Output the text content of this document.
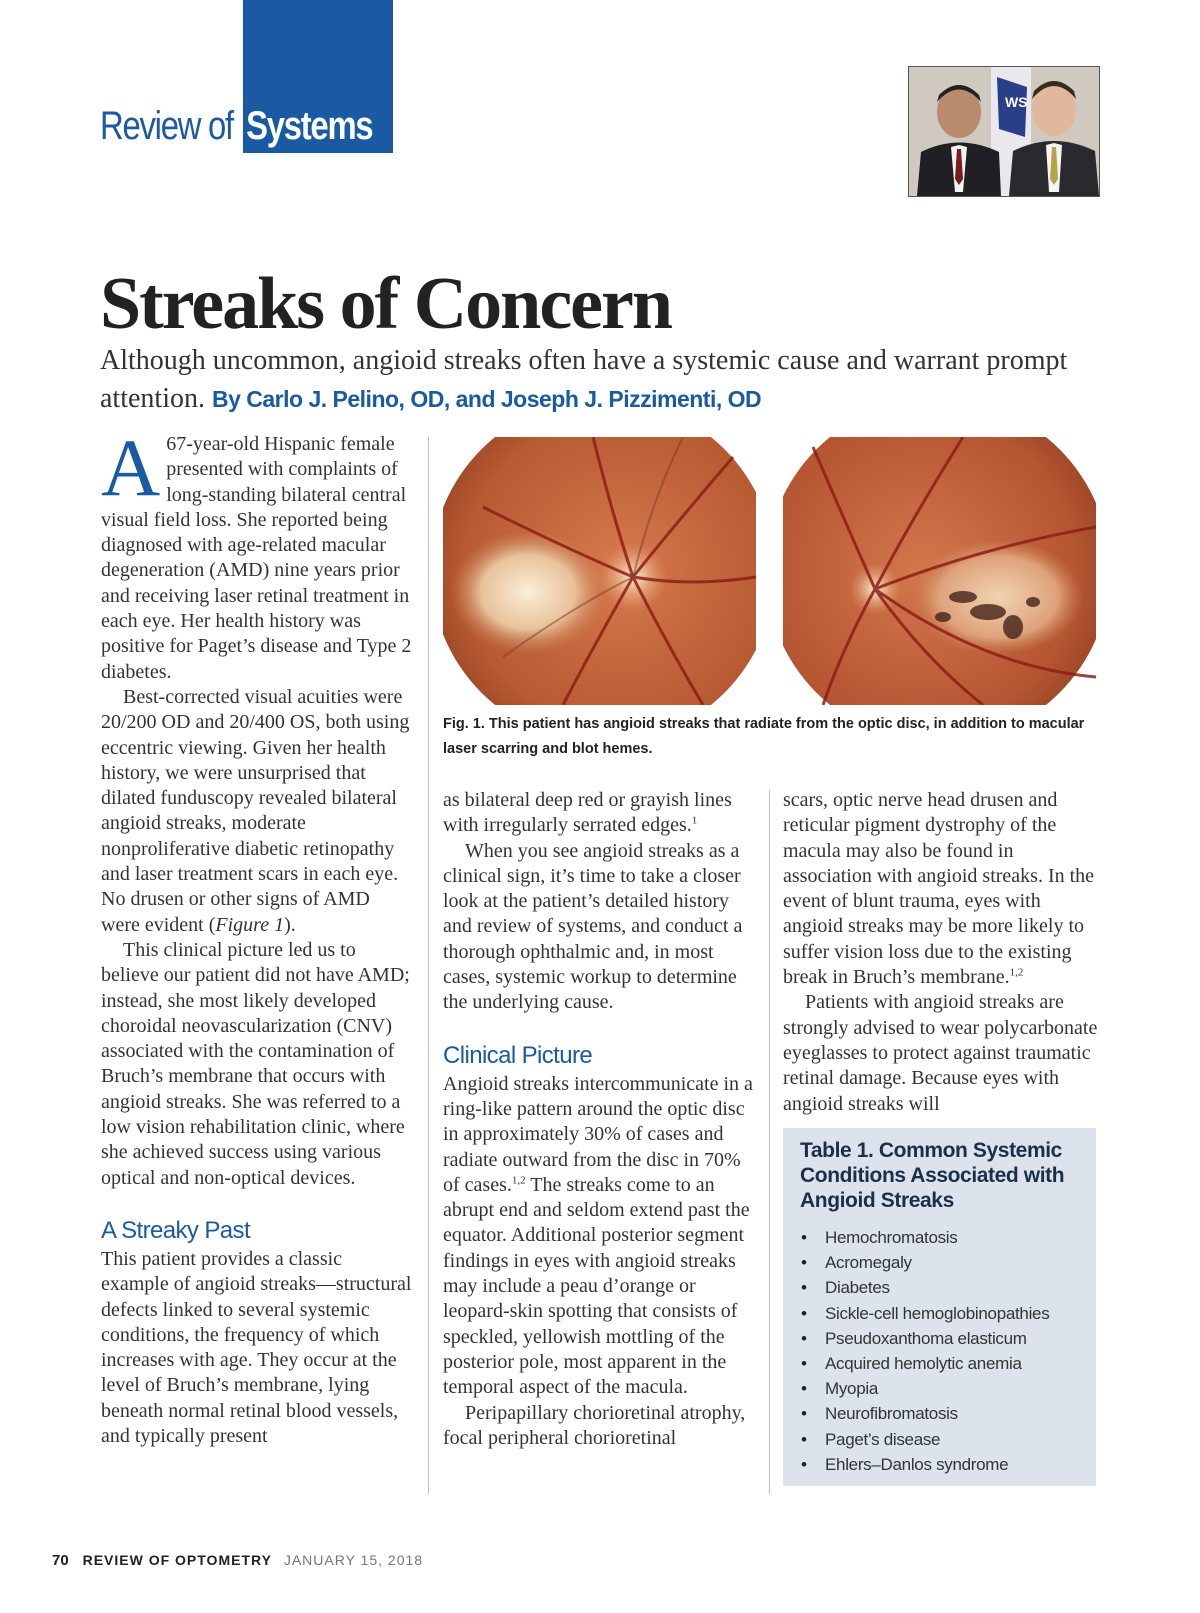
Review of Systems
WS
Streaks of Concern
Although uncommon, angioid streaks often have a systemic cause and warrant prompt attention. By Carlo J. Pelino, OD, and Joseph J. Pizzimenti, OD

A 67-year-old Hispanic female presented with complaints of long-standing bilateral central visual field loss. She reported being diagnosed with age-related macular degeneration (AMD) nine years prior and receiving laser retinal treatment in each eye. Her health history was positive for Paget’s disease and Type 2 diabetes.

Best-corrected visual acuities were 20/200 OD and 20/400 OS, both using eccentric viewing. Given her health history, we were unsurprised that dilated funduscopy revealed bilateral angioid streaks, moderate nonproliferative diabetic retinopathy and laser treatment scars in each eye. No drusen or other signs of AMD were evident (Figure 1).

This clinical picture led us to believe our patient did not have AMD; instead, she most likely developed choroidal neovascularization (CNV) associated with the contamination of Bruch’s membrane that occurs with angioid streaks. She was referred to a low vision rehabilitation clinic, where she achieved success using various optical and non-optical devices.

A Streaky Past

This patient provides a classic example of angioid streaks—structural defects linked to several systemic conditions, the frequency of which increases with age. They occur at the level of Bruch’s membrane, lying beneath normal retinal blood vessels, and typically present

Fig. 1. This patient has angioid streaks that radiate from the optic disc, in addition to macular laser scarring and blot hemes.

as bilateral deep red or grayish lines with irregularly serrated edges.$^1$

When you see angioid streaks as a clinical sign, it’s time to take a closer look at the patient’s detailed history and review of systems, and conduct a thorough ophthalmic and, in most cases, systemic workup to determine the underlying cause.

Clinical Picture

Angioid streaks intercommunicate in a ring-like pattern around the optic disc in approximately 30% of cases and radiate outward from the disc in 70% of cases.$^{1,2}$ The streaks come to an abrupt end and seldom extend past the equator. Additional posterior segment findings in eyes with angioid streaks may include a peau d’orange or leopard-skin spotting that consists of speckled, yellowish mottling of the posterior pole, most apparent in the temporal aspect of the macula.

Peripapillary chorioretinal atrophy, focal peripheral chorioretinal

scars, optic nerve head drusen and reticular pigment dystrophy of the macula may also be found in association with angioid streaks. In the event of blunt trauma, eyes with angioid streaks may be more likely to suffer vision loss due to the existing break in Bruch’s membrane.$^{1,2}$

Patients with angioid streaks are strongly advised to wear polycarbonate eyeglasses to protect against traumatic retinal damage. Because eyes with angioid streaks will

Table 1. Common Systemic Conditions Associated with Angioid Streaks
• Hemochromatosis
• Acromegaly
• Diabetes
• Sickle-cell hemoglobinopathies
• Pseudoxanthoma elasticum
• Acquired hemolytic anemia
• Myopia
• Neurofibromatosis
• Paget’s disease
• Ehlers–Danlos syndrome
70 REVIEW OF OPTOMETRY JANUARY 15, 2018
